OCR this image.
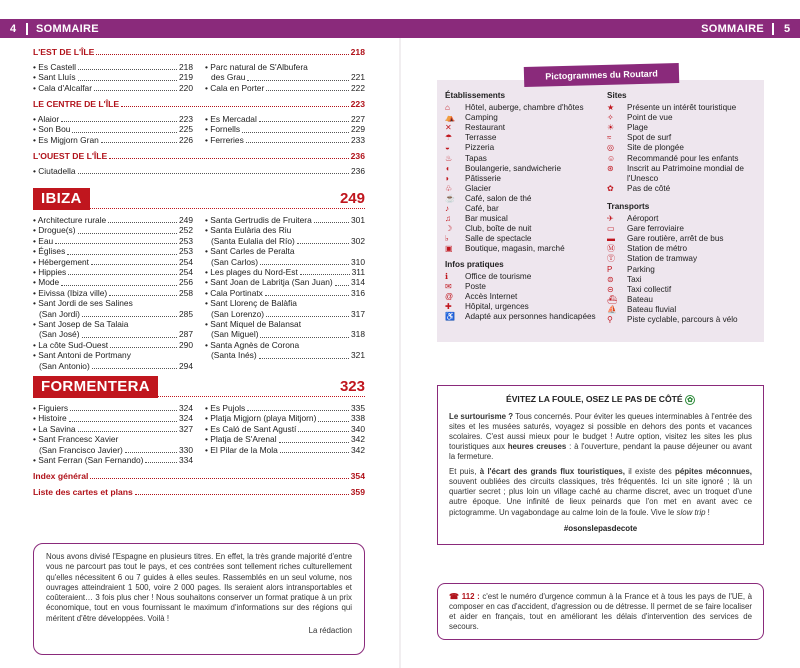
4	SOMMAIRE	SOMMAIRE	5
L'EST DE L'ÎLE	218
• Es Castell	218
• Sant Lluís	219
• Cala d'Alcalfar	220
• Parc natural de S'Albufera
des Grau	221
• Cala en Porter	222
LE CENTRE DE L'ÎLE	223
• Alaior	223
• Son Bou	225
• Es Migjorn Gran	226
• Es Mercadal	227
• Fornells	229
• Ferreries	233
L'OUEST DE L'ÎLE	236
• Ciutadella	236
IBIZA	249
• Architecture rurale	249
• Drogue(s)	252
• Eau	253
• Églises	253
• Hébergement	254
• Hippies	254
• Mode	256
• Eivissa (Ibiza ville)	258
• Sant Jordi de ses Salines
(San Jordi)	285
• Sant Josep de Sa Talaia
(San José)	287
• La côte Sud-Ouest	290
• Sant Antoni de Portmany
(San Antonio)	294
• Santa Gertrudis de Fruitera	301
• Santa Eulària des Riu
(Santa Eulalia del Río)	302
• Sant Carles de Peralta
(San Carlos)	310
• Les plages du Nord-Est	311
• Sant Joan de Labritja (San Juan) 314
• Cala Portinatx	316
• Sant Llorenç de Balàfia
(San Lorenzo)	317
• Sant Miquel de Balansat
(San Miguel)	318
• Santa Agnès de Corona
(Santa Inés)	321
FORMENTERA	323
• Figuiers	324
• Histoire	324
• La Savina	327
• Sant Francesc Xavier
(San Francisco Javier)	330
• Sant Ferran (San Fernando)	334
• Es Pujols	335
• Platja Migjorn (playa Mitjorn)	338
• Es Caló de Sant Agustí	340
• Platja de S'Arenal	342
• El Pilar de la Mola	342
Index général	354
Liste des cartes et plans	359
Nous avons divisé l'Espagne en plusieurs titres. En effet, la très grande majorité d'entre vous ne parcourt pas tout le pays, et ces contrées sont tellement riches culturellement qu'elles nécessitent 6 ou 7 guides à elles seules. Rassemblés en un seul volume, nos ouvrages atteindraient 1 500, voire 2 000 pages. Ils seraient alors intransportables et coûteraient… 3 fois plus cher ! Nous souhaitons conserver un format pratique à un prix économique, tout en vous fournissant le maximum d'informations sur des régions qui méritent d'être développées. Voilà !
La rédaction
Pictogrammes du Routard
Établissements
⌂	Hôtel, auberge, chambre d'hôtes
⛺	Camping
✕	Restaurant
☂	Terrasse
◒	Pizzeria
♨	Tapas
◖	Boulangerie, sandwicherie
◗	Pâtisserie
♧	Glacier
☕	Café, salon de thé
♪	Café, bar
♫	Bar musical
☽	Club, boîte de nuit
♭	Salle de spectacle
▣	Boutique, magasin, marché
Infos pratiques
ℹ	Office de tourisme
✉	Poste
@	Accès Internet
✚	Hôpital, urgences
♿	Adapté aux personnes handicapées
Sites
★	Présente un intérêt touristique
✧	Point de vue
☀	Plage
≈	Spot de surf
◎	Site de plongée
☺	Recommandé pour les enfants
⊛	Inscrit au Patrimoine mondial de l'Unesco
✿	Pas de côté
Transports
✈	Aéroport
▭	Gare ferroviaire
▬	Gare routière, arrêt de bus
Ⓜ	Station de métro
Ⓣ	Station de tramway
P	Parking
⊜	Taxi
⊝	Taxi collectif
⛴	Bateau
⛵	Bateau fluvial
⚲	Piste cyclable, parcours à vélo
ÉVITEZ LA FOULE, OSEZ LE PAS DE CÔTÉ ✿

Le surtourisme ? Tous concernés. Pour éviter les queues interminables à l'entrée des sites et les musées saturés, voyagez si possible en dehors des ponts et vacances scolaires. C'est aussi mieux pour le budget ! Autre option, visitez les sites les plus touristiques aux heures creuses : à l'ouverture, pendant la pause déjeuner ou avant la fermeture.

Et puis, à l'écart des grands flux touristiques, il existe des pépites méconnues, souvent oubliées des circuits classiques, très fréquentés. Ici un site ignoré ; là un quartier secret ; plus loin un village caché au charme discret, avec un troquet d'une autre époque. Une infinité de lieux peinards que l'on met en avant avec ce pictogramme. Un vagabondage au calme loin de la foule. Vive le slow trip !

#osonslepasdecote
☎ 112 : c'est le numéro d'urgence commun à la France et à tous les pays de l'UE, à composer en cas d'accident, d'agression ou de détresse. Il permet de se faire localiser et aider en français, tout en améliorant les délais d'intervention des services de secours.
